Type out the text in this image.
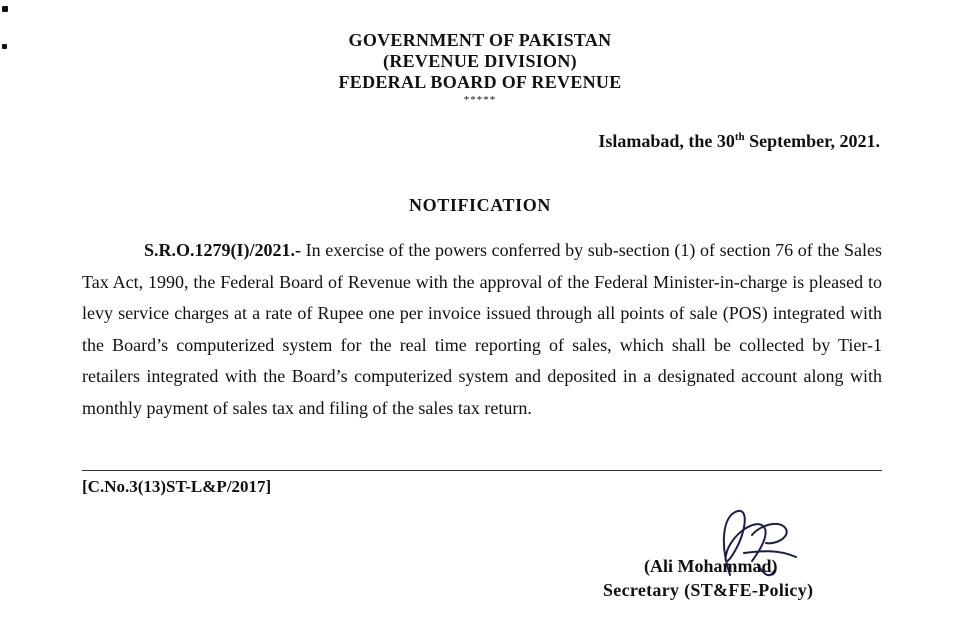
GOVERNMENT OF PAKISTAN
(REVENUE DIVISION)
FEDERAL BOARD OF REVENUE
*****
Islamabad, the 30th September, 2021.
NOTIFICATION
S.R.O.1279(I)/2021.- In exercise of the powers conferred by sub-section (1) of section 76 of the Sales Tax Act, 1990, the Federal Board of Revenue with the approval of the Federal Minister-in-charge is pleased to levy service charges at a rate of Rupee one per invoice issued through all points of sale (POS) integrated with the Board’s computerized system for the real time reporting of sales, which shall be collected by Tier-1 retailers integrated with the Board’s computerized system and deposited in a designated account along with monthly payment of sales tax and filing of the sales tax return.
[C.No.3(13)ST-L&P/2017]
(Ali Mohammad)
Secretary (ST&FE-Policy)
